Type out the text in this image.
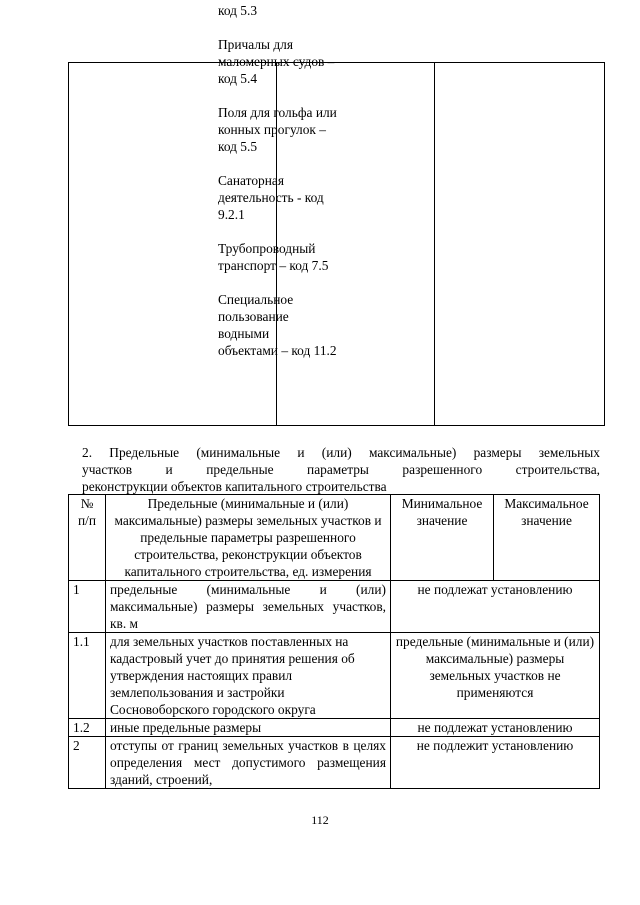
код 5.3
Причалы для
маломерных судов –
код 5.4
Поля для гольфа или
конных прогулок –
код 5.5
Санаторная
деятельность - код
9.2.1
Трубопроводный
транспорт – код 7.5
Специальное
пользование
водными
объектами – код 11.2
2. Предельные (минимальные и (или) максимальные) размеры земельных
участков и предельные параметры разрешенного строительства,
реконструкции объектов капитального строительства
№
п/п	Предельные (минимальные и (или) максимальные) размеры земельных участков и предельные параметры разрешенного строительства, реконструкции объектов капитального строительства, ед. измерения	Минимальное значение	Максимальное значение
1	предельные (минимальные и (или) максимальные) размеры земельных участков, кв. м	не подлежат установлению	
1.1	для земельных участков поставленных на кадастровый учет до принятия решения об утверждения настоящих правил землепользования и застройки Сосновоборского городского округа	предельные (минимальные и (или) максимальные) размеры земельных участков не применяются	
1.2	иные предельные размеры	не подлежат установлению	
2	отступы от границ земельных участков в целях определения мест допустимого размещения зданий, строений,	не подлежит установлению	
112
